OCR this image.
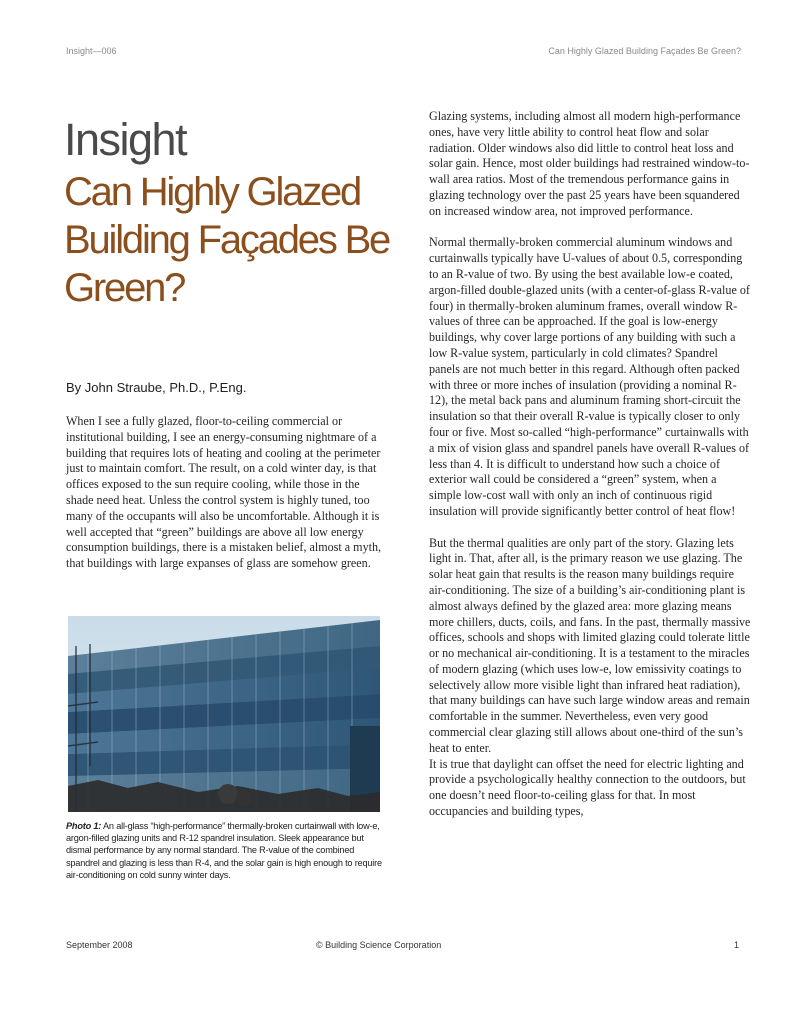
Insight—006	Can Highly Glazed Building Façades Be Green?
Insight
Can Highly Glazed Building Façades Be Green?
By John Straube, Ph.D., P.Eng.

When I see a fully glazed, floor-to-ceiling commercial or institutional building, I see an energy-consuming nightmare of a building that requires lots of heating and cooling at the perimeter just to maintain comfort. The result, on a cold winter day, is that offices exposed to the sun require cooling, while those in the shade need heat. Unless the control system is highly tuned, too many of the occupants will also be uncomfortable. Although it is well accepted that “green” buildings are above all low energy consumption buildings, there is a mistaken belief, almost a myth, that buildings with large expanses of glass are somehow green.

Photo 1: An all-glass “high-performance” thermally-broken curtainwall with low-e, argon-filled glazing units and R-12 spandrel insulation. Sleek appearance but dismal performance by any normal standard. The R-value of the combined spandrel and glazing is less than R-4, and the solar gain is high enough to require air-conditioning on cold sunny winter days.

Glazing systems, including almost all modern high-performance ones, have very little ability to control heat flow and solar radiation. Older windows also did little to control heat loss and solar gain. Hence, most older buildings had restrained window-to-wall area ratios. Most of the tremendous performance gains in glazing technology over the past 25 years have been squandered on increased window area, not improved performance.

Normal thermally-broken commercial aluminum windows and curtainwalls typically have U-values of about 0.5, corresponding to an R-value of two. By using the best available low-e coated, argon-filled double-glazed units (with a center-of-glass R-value of four) in thermally-broken aluminum frames, overall window R-values of three can be approached. If the goal is low-energy buildings, why cover large portions of any building with such a low R-value system, particularly in cold climates? Spandrel panels are not much better in this regard. Although often packed with three or more inches of insulation (providing a nominal R-12), the metal back pans and aluminum framing short-circuit the insulation so that their overall R-value is typically closer to only four or five. Most so-called “high-performance” curtainwalls with a mix of vision glass and spandrel panels have overall R-values of less than 4. It is difficult to understand how such a choice of exterior wall could be considered a “green” system, when a simple low-cost wall with only an inch of continuous rigid insulation will provide significantly better control of heat flow!

But the thermal qualities are only part of the story. Glazing lets light in. That, after all, is the primary reason we use glazing. The solar heat gain that results is the reason many buildings require air-conditioning. The size of a building’s air-conditioning plant is almost always defined by the glazed area: more glazing means more chillers, ducts, coils, and fans. In the past, thermally massive offices, schools and shops with limited glazing could tolerate little or no mechanical air-conditioning. It is a testament to the miracles of modern glazing (which uses low-e, low emissivity coatings to selectively allow more visible light than infrared heat radiation), that many buildings can have such large window areas and remain comfortable in the summer. Nevertheless, even very good commercial clear glazing still allows about one-third of the sun’s heat to enter.

It is true that daylight can offset the need for electric lighting and provide a psychologically healthy connection to the outdoors, but one doesn’t need floor-to-ceiling glass for that. In most occupancies and building types,

September 2008	© Building Science Corporation	1
